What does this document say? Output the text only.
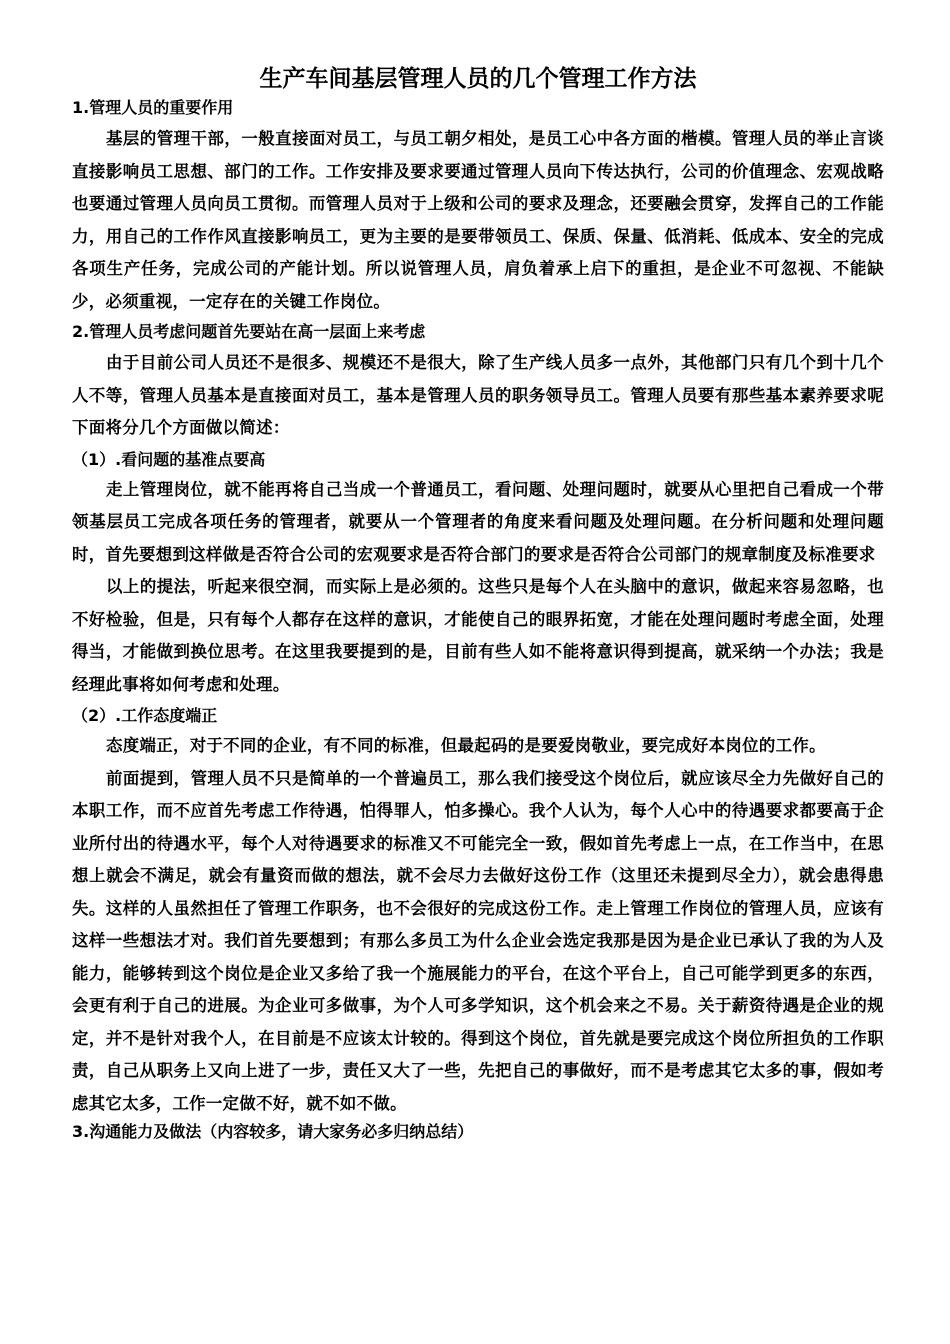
生产车间基层管理人员的几个管理工作方法
1.管理人员的重要作用

基层的管理干部，一般直接面对员工，与员工朝夕相处，是员工心中各方面的楷模。管理人员的举止言谈直接影响员工思想、部门的工作。工作安排及要求要通过管理人员向下传达执行，公司的价值理念、宏观战略也要通过管理人员向员工贯彻。而管理人员对于上级和公司的要求及理念，还要融会贯穿，发挥自己的工作能力，用自己的工作作风直接影响员工，更为主要的是要带领员工、保质、保量、低消耗、低成本、安全的完成各项生产任务，完成公司的产能计划。所以说管理人员，肩负着承上启下的重担，是企业不可忽视、不能缺少，必须重视，一定存在的关键工作岗位。

2.管理人员考虑问题首先要站在高一层面上来考虑

由于目前公司人员还不是很多、规模还不是很大，除了生产线人员多一点外，其他部门只有几个到十几个人不等，管理人员基本是直接面对员工，基本是管理人员的职务领导员工。管理人员要有那些基本素养要求呢下面将分几个方面做以简述：

（1）.看问题的基准点要高

走上管理岗位，就不能再将自己当成一个普通员工，看问题、处理问题时，就要从心里把自己看成一个带领基层员工完成各项任务的管理者，就要从一个管理者的角度来看问题及处理问题。在分析问题和处理问题时，首先要想到这样做是否符合公司的宏观要求是否符合部门的要求是否符合公司部门的规章制度及标准要求

以上的提法，听起来很空洞，而实际上是必须的。这些只是每个人在头脑中的意识，做起来容易忽略，也不好检验，但是，只有每个人都存在这样的意识，才能使自己的眼界拓宽，才能在处理问题时考虑全面，处理得当，才能做到换位思考。在这里我要提到的是，目前有些人如不能将意识得到提高，就采纳一个办法；我是经理此事将如何考虑和处理。

（2）.工作态度端正

态度端正，对于不同的企业，有不同的标准，但最起码的是要爱岗敬业，要完成好本岗位的工作。

前面提到，管理人员不只是简单的一个普遍员工，那么我们接受这个岗位后，就应该尽全力先做好自己的本职工作，而不应首先考虑工作待遇，怕得罪人，怕多操心。我个人认为，每个人心中的待遇要求都要高于企业所付出的待遇水平，每个人对待遇要求的标准又不可能完全一致，假如首先考虑上一点，在工作当中，在思想上就会不满足，就会有量资而做的想法，就不会尽力去做好这份工作（这里还未提到尽全力），就会患得患失。这样的人虽然担任了管理工作职务，也不会很好的完成这份工作。走上管理工作岗位的管理人员，应该有这样一些想法才对。我们首先要想到；有那么多员工为什么企业会选定我那是因为是企业已承认了我的为人及能力，能够转到这个岗位是企业又多给了我一个施展能力的平台，在这个平台上，自己可能学到更多的东西，会更有利于自己的进展。为企业可多做事，为个人可多学知识，这个机会来之不易。关于薪资待遇是企业的规定，并不是针对我个人，在目前是不应该太计较的。得到这个岗位，首先就是要完成这个岗位所担负的工作职责，自己从职务上又向上进了一步，责任又大了一些，先把自己的事做好，而不是考虑其它太多的事，假如考虑其它太多，工作一定做不好，就不如不做。

3.沟通能力及做法（内容较多，请大家务必多归纳总结）
